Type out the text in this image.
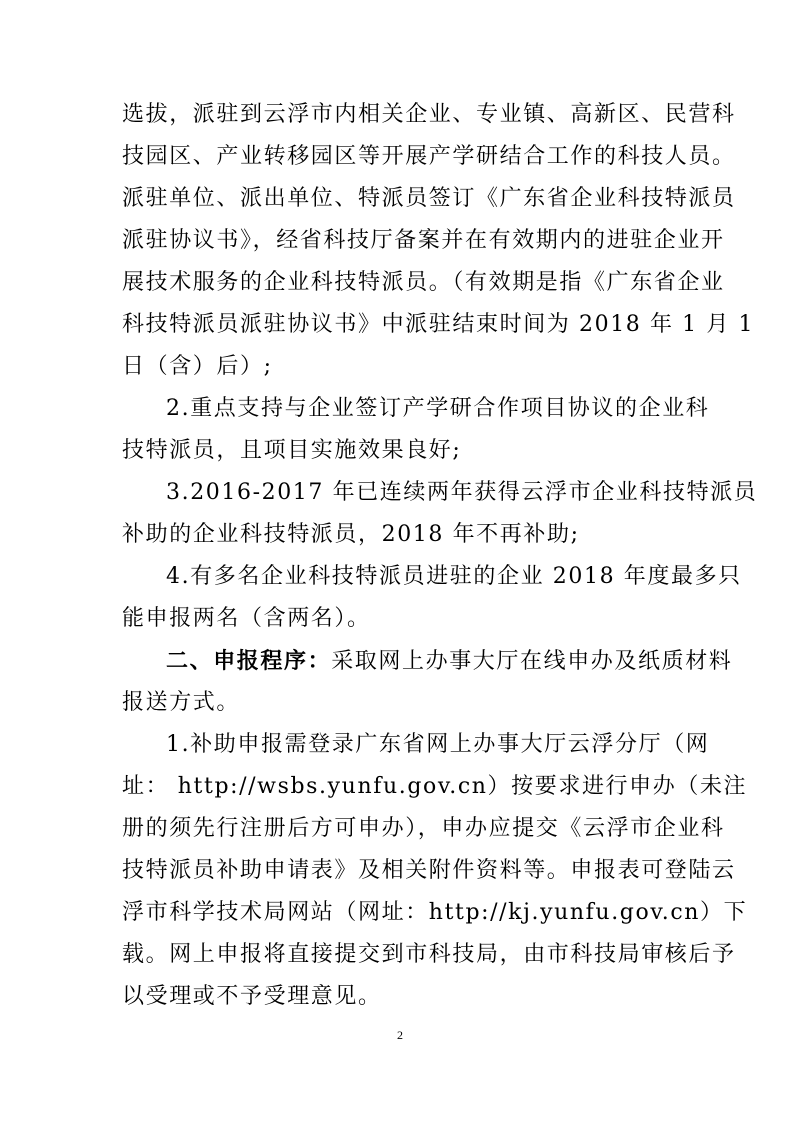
选拔，派驻到云浮市内相关企业、专业镇、高新区、民营科
技园区、产业转移园区等开展产学研结合工作的科技人员。
派驻单位、派出单位、特派员签订《广东省企业科技特派员
派驻协议书》，经省科技厅备案并在有效期内的进驻企业开
展技术服务的企业科技特派员。（有效期是指《广东省企业
科技特派员派驻协议书》中派驻结束时间为 2018 年 1 月 1
日（含）后）;
2.重点支持与企业签订产学研合作项目协议的企业科
技特派员，且项目实施效果良好;
3.2016-2017 年已连续两年获得云浮市企业科技特派员
补助的企业科技特派员，2018 年不再补助;
4.有多名企业科技特派员进驻的企业 2018 年度最多只
能申报两名（含两名）。
二、申报程序：采取网上办事大厅在线申办及纸质材料
报送方式。
1.补助申报需登录广东省网上办事大厅云浮分厅（网
址： http://wsbs.yunfu.gov.cn）按要求进行申办（未注
册的须先行注册后方可申办），申办应提交《云浮市企业科
技特派员补助申请表》及相关附件资料等。申报表可登陆云
浮市科学技术局网站（网址：http://kj.yunfu.gov.cn）下
载。网上申报将直接提交到市科技局，由市科技局审核后予
以受理或不予受理意见。
2
